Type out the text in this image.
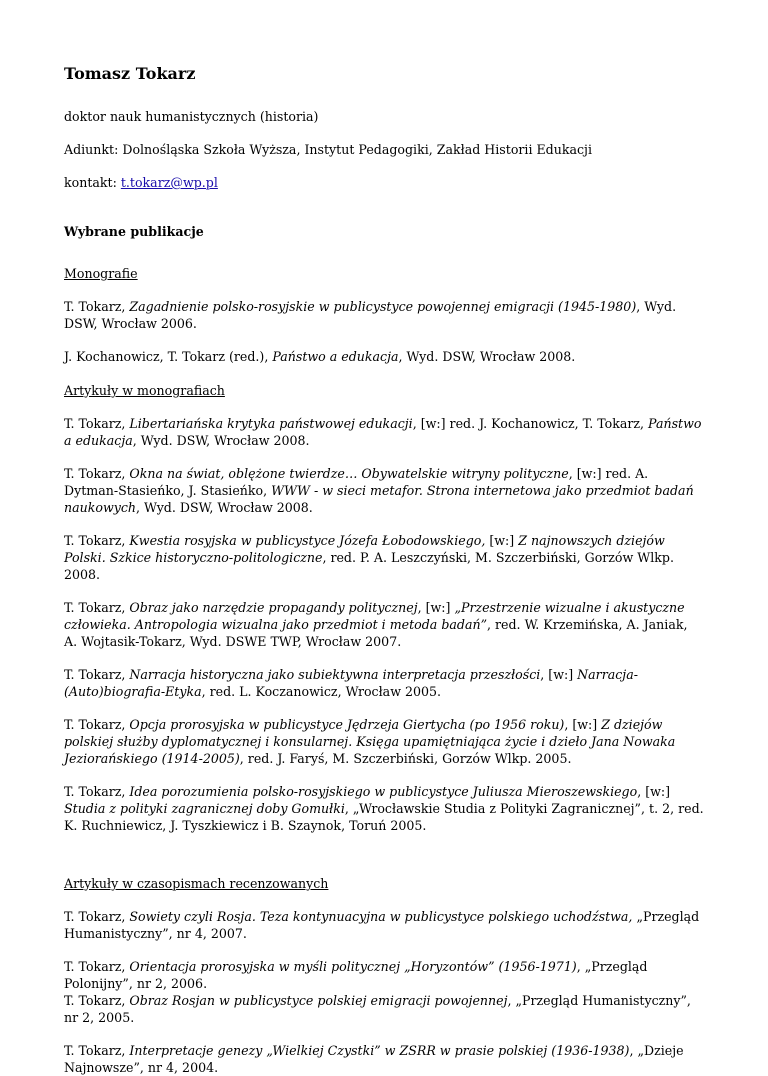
Tomasz Tokarz
doktor nauk humanistycznych (historia)
Adiunkt: Dolnośląska Szkoła Wyższa, Instytut Pedagogiki, Zakład Historii Edukacji
kontakt: t.tokarz@wp.pl
Wybrane publikacje
Monografie
T. Tokarz, Zagadnienie polsko-rosyjskie w publicystyce powojennej emigracji (1945-1980), Wyd. DSW, Wrocław 2006.
J. Kochanowicz, T. Tokarz (red.), Państwo a edukacja, Wyd. DSW, Wrocław 2008.
Artykuły w monografiach
T. Tokarz, Libertariańska krytyka państwowej edukacji, [w:] red. J. Kochanowicz, T. Tokarz, Państwo a edukacja, Wyd. DSW, Wrocław 2008.
T. Tokarz, Okna na świat, oblężone twierdze… Obywatelskie witryny polityczne, [w:] red. A. Dytman-Stasieńko, J. Stasieńko, WWW - w sieci metafor. Strona internetowa jako przedmiot badań naukowych, Wyd. DSW, Wrocław 2008.
T. Tokarz, Kwestia rosyjska w publicystyce Józefa Łobodowskiego, [w:] Z najnowszych dziejów Polski. Szkice historyczno-politologiczne, red. P. A. Leszczyński, M. Szczerbiński, Gorzów Wlkp. 2008.
T. Tokarz, Obraz jako narzędzie propagandy politycznej, [w:] „Przestrzenie wizualne i akustyczne człowieka. Antropologia wizualna jako przedmiot i metoda badań”, red. W. Krzemińska, A. Janiak, A. Wojtasik-Tokarz, Wyd. DSWE TWP, Wrocław 2007.
T. Tokarz, Narracja historyczna jako subiektywna interpretacja przeszłości, [w:] Narracja-(Auto)biografia-Etyka, red. L. Koczanowicz, Wrocław 2005.
T. Tokarz, Opcja prorosyjska w publicystyce Jędrzeja Giertycha (po 1956 roku), [w:] Z dziejów polskiej służby dyplomatycznej i konsularnej. Księga upamiętniająca życie i dzieło Jana Nowaka Jeziorańskiego (1914-2005), red. J. Faryś, M. Szczerbiński, Gorzów Wlkp. 2005.
T. Tokarz, Idea porozumienia polsko-rosyjskiego w publicystyce Juliusza Mieroszewskiego, [w:] Studia z polityki zagranicznej doby Gomułki, „Wrocławskie Studia z Polityki Zagranicznej”, t. 2, red. K. Ruchniewicz, J. Tyszkiewicz i B. Szaynok, Toruń 2005.
Artykuły w czasopismach recenzowanych
T. Tokarz, Sowiety czyli Rosja. Teza kontynuacyjna w publicystyce polskiego uchodźstwa, „Przegląd Humanistyczny”, nr 4, 2007.
T. Tokarz, Orientacja prorosyjska w myśli politycznej „Horyzontów” (1956-1971), „Przegląd Polonijny”, nr 2, 2006.
T. Tokarz, Obraz Rosjan w publicystyce polskiej emigracji powojennej, „Przegląd Humanistyczny”, nr 2, 2005.
T. Tokarz, Interpretacje genezy „Wielkiej Czystki” w ZSRR w prasie polskiej (1936-1938), „Dzieje Najnowsze”, nr 4, 2004.
